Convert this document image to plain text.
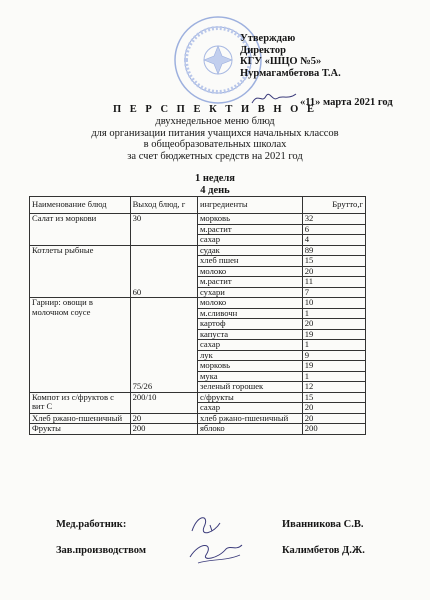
Утверждаю
Директор
КГУ «ШЦО №5»
Нурмагамбетова Т.А.
«11» марта 2021 год
П Е Р С П Е К Т И В Н О Е
двухнедельное меню блюд
для организации питания учащихся начальных классов
в общеобразовательных школах
за счет бюджетных средств на 2021 год
1 неделя
4 день
Наименование блюд	Выход блюд, г	ингредиенты	Брутто,г
Салат из моркови	30	морковь	32
		м.растит	6
		сахар	4
Котлеты рыбные	60	судак	89
		хлеб пшен	15
		молоко	20
		м.растит	11
		сухари	7
Гарнир: овощи в молочном соусе	75/26	молоко	10
		м.сливочн	1
		картоф	20
		капуста	19
		сахар	1
		лук	9
		морковь	19
		мука	1
		зеленый горошек	12
Компот из с/фруктов с вит С	200/10	с/фрукты	15
		сахар	20
Хлеб ржано-пшеничный	20	хлеб ржано-пшеничный	20
Фрукты	200	яблоко	200
Мед.работник:	Иванникова С.В.
Зав.производством	Калимбетов Д.Ж.
